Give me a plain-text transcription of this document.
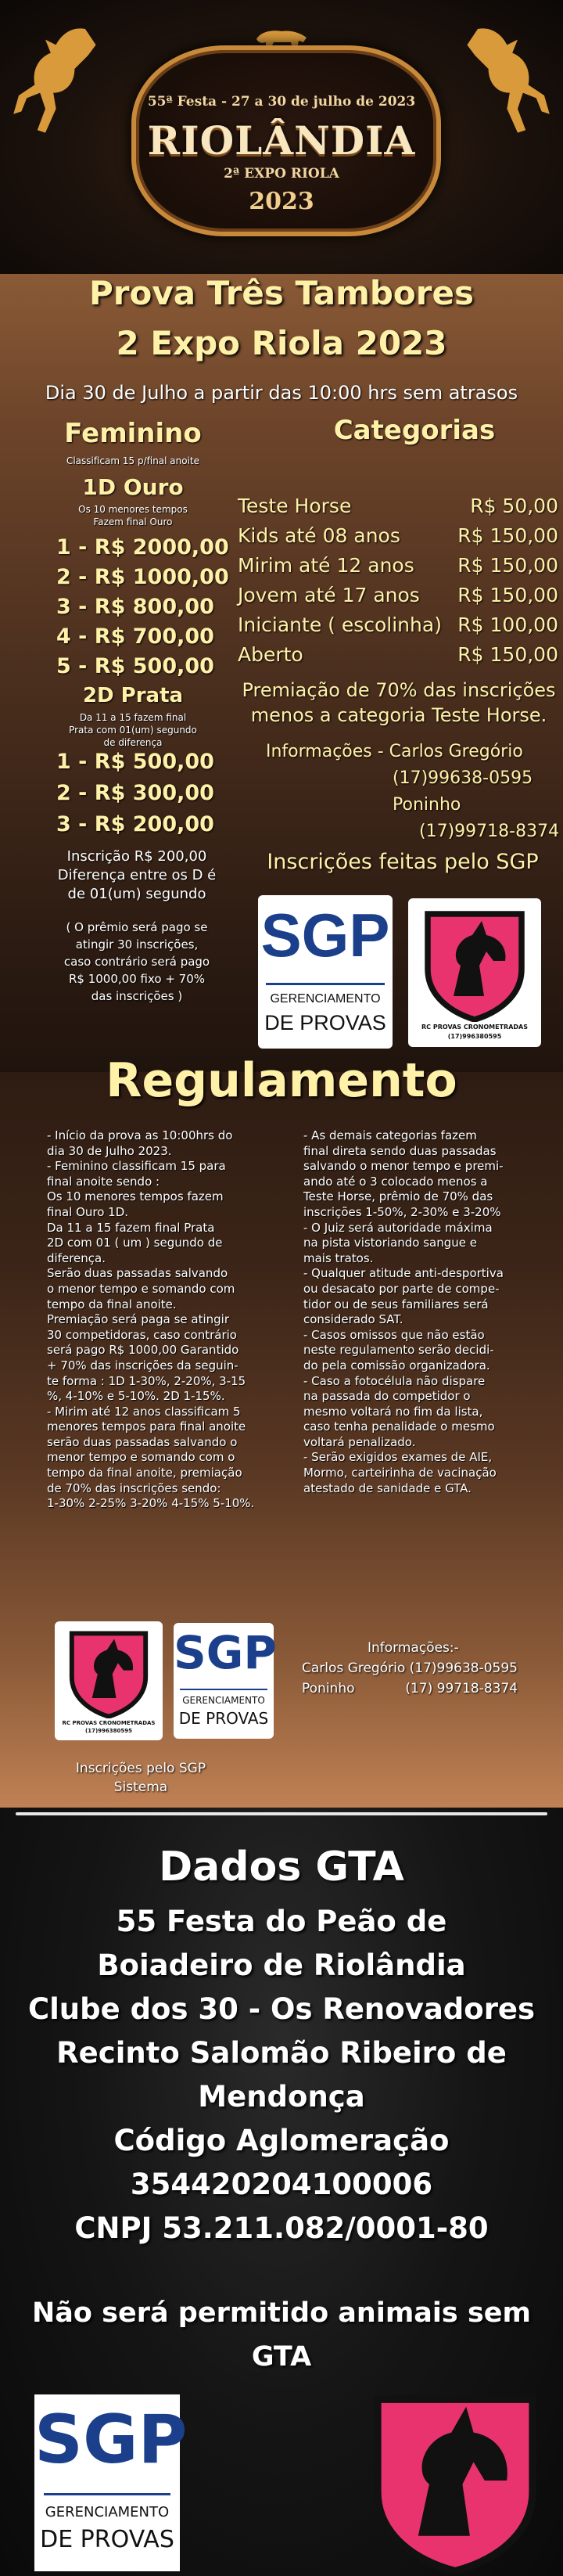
55ª Festa - 27 a 30 de julho de 2023
RIOLÂNDIA
2ª EXPO RIOLA
2023
Prova Três Tambores
2 Expo Riola 2023
Dia 30 de Julho a partir das 10:00 hrs sem atrasos
Feminino
Classificam 15 p/final anoite
1D Ouro
Os 10 menores tempos
Fazem final Ouro
1 - R$ 2000,00
2 - R$ 1000,00
3 - R$ 800,00
4 - R$ 700,00
5 - R$ 500,00
2D Prata
Da 11 a 15 fazem final
Prata com 01(um) segundo
de diferença
1 - R$ 500,00
2 - R$ 300,00
3 - R$ 200,00
Inscrição R$ 200,00
Diferença entre os D é
de 01(um) segundo
( O prêmio será pago se
atingir 30 inscrições,
caso contrário será pago
R$ 1000,00 fixo + 70%
das inscrições )
Categorias
Teste Horse	R$ 50,00
Kids até 08 anos	R$ 150,00
Mirim até 12 anos R$ 150,00
Jovem até 17 anos R$ 150,00
Iniciante ( escolinha) R$ 100,00
Aberto	R$ 150,00
Premiação de 70% das inscrições
menos a categoria Teste Horse.
Informações - Carlos Gregório
(17)99638-0595
Poninho
(17)99718-8374
Inscrições feitas pelo SGP
SGP
GERENCIAMENTO
DE PROVAS	RC PROVAS CRONOMETRADAS
(17)996380595
Regulamento
- Início da prova as 10:00hrs do
dia 30 de Julho 2023.
- Feminino classificam 15 para
final anoite sendo :
Os 10 menores tempos fazem
final Ouro 1D.
Da 11 a 15 fazem final Prata
2D com 01 ( um ) segundo de
diferença.
Serão duas passadas salvando
o menor tempo e somando com
tempo da final anoite.
Premiação será paga se atingir
30 competidoras, caso contrário
será pago R$ 1000,00 Garantido
+ 70% das inscrições da seguin-
te forma : 1D 1-30%, 2-20%, 3-15
%, 4-10% e 5-10%. 2D 1-15%.
- Mirim até 12 anos classificam 5
menores tempos para final anoite
serão duas passadas salvando o
menor tempo e somando com o
tempo da final anoite, premiação
de 70% das inscrições sendo:
1-30% 2-25% 3-20% 4-15% 5-10%.
- As demais categorias fazem
final direta sendo duas passadas
salvando o menor tempo e premi-
ando até o 3 colocado menos a
Teste Horse, prêmio de 70% das
inscrições 1-50%, 2-30% e 3-20%
- O Juiz será autoridade máxima
na pista vistoriando sangue e
mais tratos.
- Qualquer atitude anti-desportiva
ou desacato por parte de compe-
tidor ou de seus familiares será
considerado SAT.
- Casos omissos que não estão
neste regulamento serão decidi-
do pela comissão organizadora.
- Caso a fotocélula não dispare
na passada do competidor o
mesmo voltará no fim da lista,
caso tenha penalidade o mesmo
voltará penalizado.
- Serão exigidos exames de AIE,
Mormo, carteirinha de vacinação
atestado de sanidade e GTA.
RC PROVAS CRONOMETRADAS
(17)996380595
SGP
GERENCIAMENTO
DE PROVAS
Informações:-
Carlos Gregório (17)99638-0595
Poninho            (17) 99718-8374
Inscrições pelo SGP
Sistema
Dados GTA
55 Festa do Peão de
Boiadeiro de Riolândia
Clube dos 30 - Os Renovadores
Recinto Salomão Ribeiro de
Mendonça
Código Aglomeração
354420204100006
CNPJ 53.211.082/0001-80
Não será permitido animais sem
GTA
SGP
GERENCIAMENTO
DE PROVAS
